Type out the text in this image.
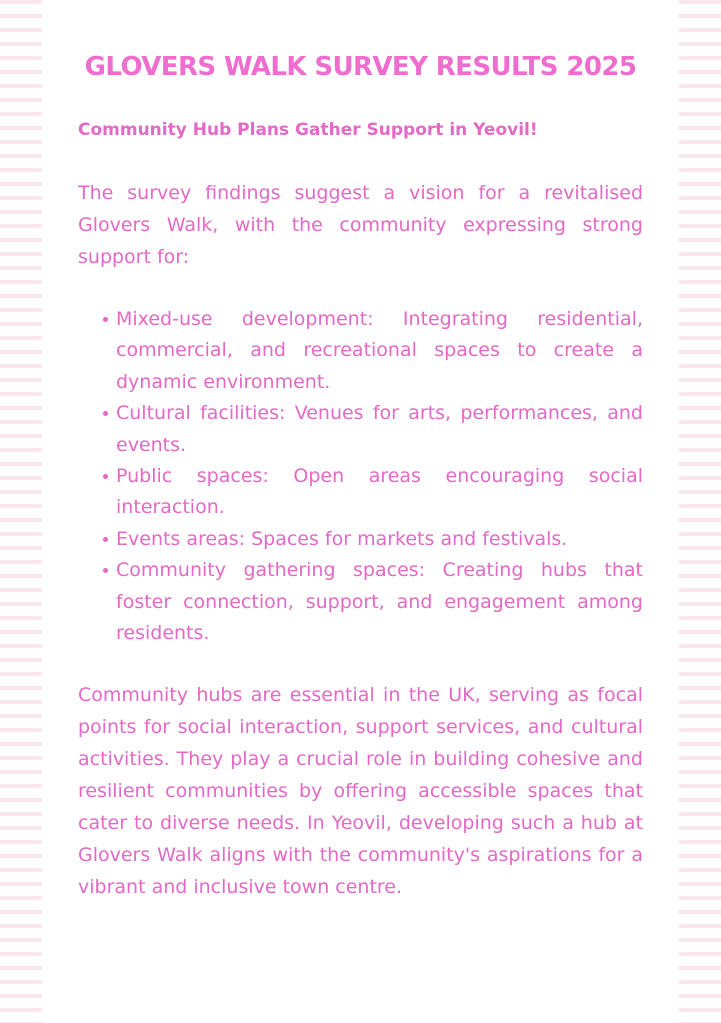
GLOVERS WALK SURVEY RESULTS 2025
Community Hub Plans Gather Support in Yeovil!

The survey findings suggest a vision for a revitalised Glovers Walk, with the community expressing strong support for:

Mixed-use development: Integrating residential, commercial, and recreational spaces to create a dynamic environment.
Cultural facilities: Venues for arts, performances, and events.
Public spaces: Open areas encouraging social interaction.
Events areas: Spaces for markets and festivals.
Community gathering spaces: Creating hubs that foster connection, support, and engagement among residents.

Community hubs are essential in the UK, serving as focal points for social interaction, support services, and cultural activities. They play a crucial role in building cohesive and resilient communities by offering accessible spaces that cater to diverse needs. In Yeovil, developing such a hub at Glovers Walk aligns with the community's aspirations for a vibrant and inclusive town centre.
